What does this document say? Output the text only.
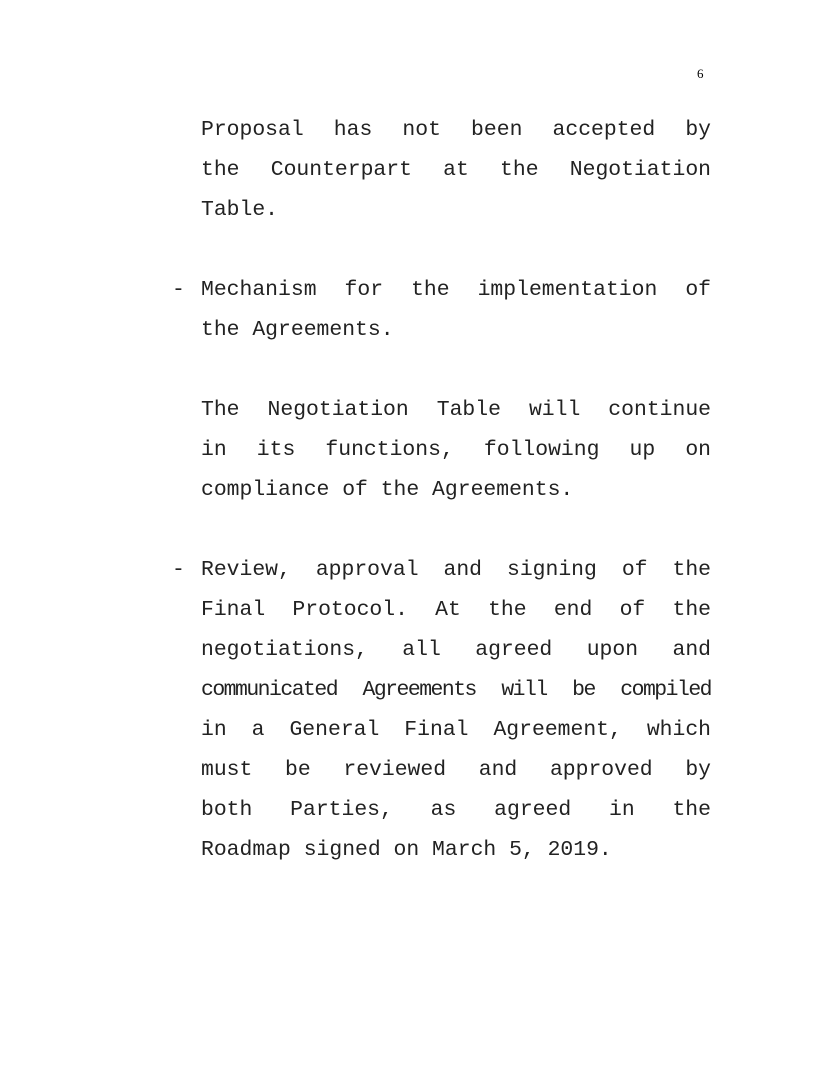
6
Proposal has not been accepted by
the Counterpart at the Negotiation
Table.
- Mechanism for the implementation of
the Agreements.
The Negotiation Table will continue
in its functions, following up on
compliance of the Agreements.
- Review, approval and signing of the
Final Protocol. At the end of the
negotiations, all agreed upon and
communicated Agreements will be compiled
in a General Final Agreement, which
must be reviewed and approved by
both Parties, as agreed in the
Roadmap signed on March 5, 2019.
